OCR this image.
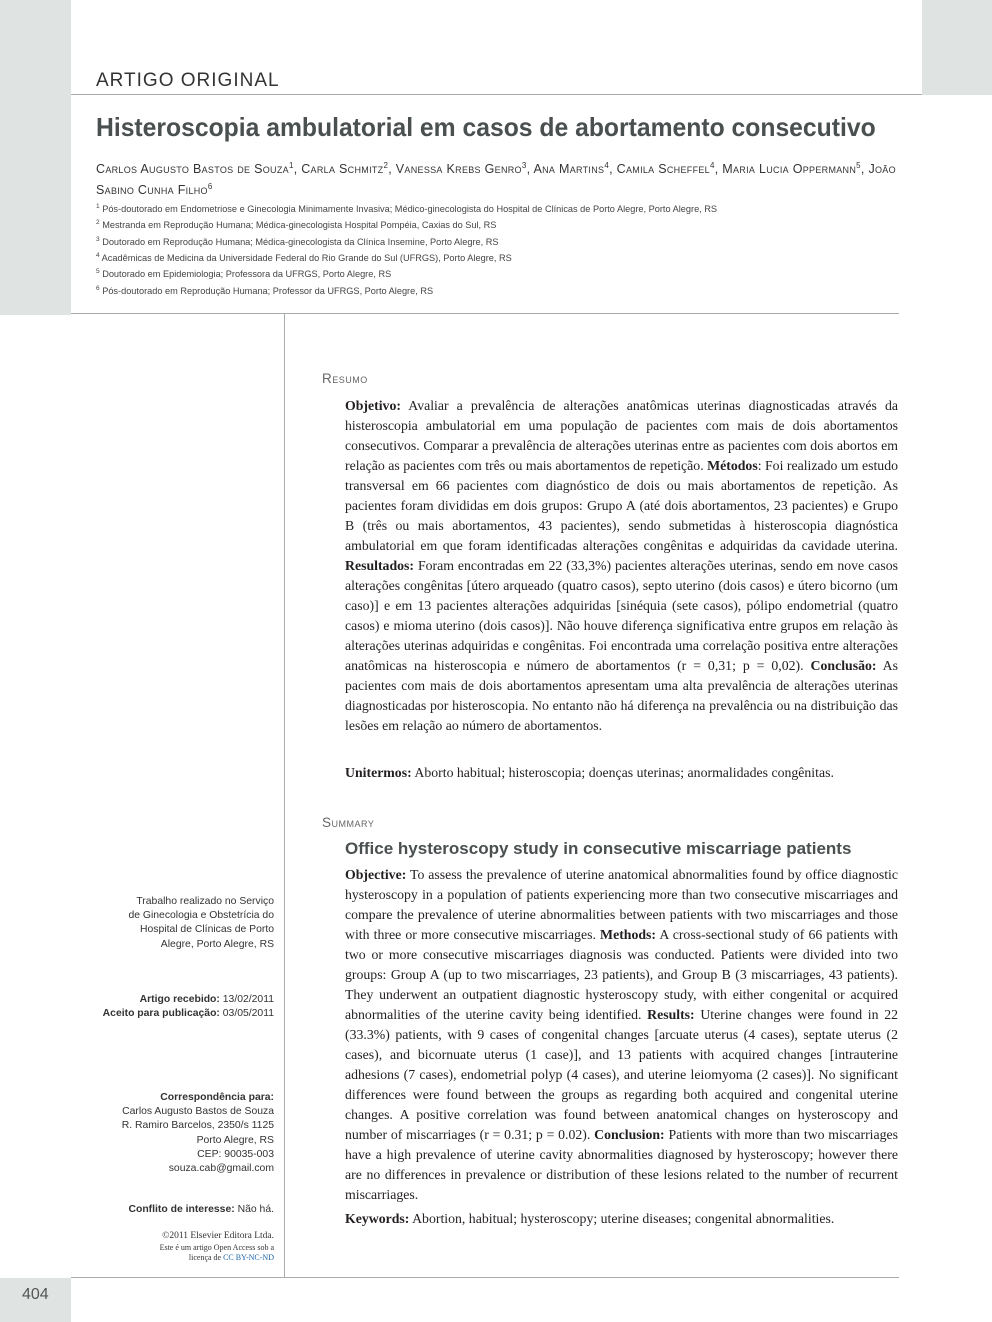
ARTIGO ORIGINAL
Histeroscopia ambulatorial em casos de abortamento consecutivo
Carlos Augusto Bastos de Souza$^1$, Carla Schmitz$^2$, Vanessa Krebs Genro$^3$, Ana Martins$^4$, Camila Scheffel$^4$, Maria Lucia Oppermann$^5$, João Sabino Cunha Filho$^6$
$^1$ Pós-doutorado em Endometriose e Ginecologia Minimamente Invasiva; Médico-ginecologista do Hospital de Clínicas de Porto Alegre, Porto Alegre, RS
$^2$ Mestranda em Reprodução Humana; Médica-ginecologista Hospital Pompéia, Caxias do Sul, RS
$^3$ Doutorado em Reprodução Humana; Médica-ginecologista da Clínica Insemine, Porto Alegre, RS
$^4$ Acadêmicas de Medicina da Universidade Federal do Rio Grande do Sul (UFRGS), Porto Alegre, RS
$^5$ Doutorado em Epidemiologia; Professora da UFRGS, Porto Alegre, RS
$^6$ Pós-doutorado em Reprodução Humana; Professor da UFRGS, Porto Alegre, RS
Trabalho realizado no Serviço
de Ginecologia e Obstetrícia do
Hospital de Clínicas de Porto
Alegre, Porto Alegre, RS
Artigo recebido: 13/02/2011
Aceito para publicação: 03/05/2011
Correspondência para:
Carlos Augusto Bastos de Souza
R. Ramiro Barcelos, 2350/s 1125
Porto Alegre, RS
CEP: 90035-003
souza.cab@gmail.com
Conflito de interesse: Não há.
©2011 Elsevier Editora Ltda.
Este é um artigo Open Access sob a
licença de CC BY-NC-ND
Resumo
Objetivo: Avaliar a prevalência de alterações anatômicas uterinas diagnosticadas através da histeroscopia ambulatorial em uma população de pacientes com mais de dois abortamentos consecutivos. Comparar a prevalência de alterações uterinas entre as pacientes com dois abortos em relação as pacientes com três ou mais abortamentos de repetição. Métodos: Foi realizado um estudo transversal em 66 pacientes com diagnóstico de dois ou mais abortamentos de repetição. As pacientes foram divididas em dois grupos: Grupo A (até dois abortamentos, 23 pacientes) e Grupo B (três ou mais abortamentos, 43 pacientes), sendo submetidas à histeroscopia diagnóstica ambulatorial em que foram identificadas alterações congênitas e adquiridas da cavidade uterina. Resultados: Foram encontradas em 22 (33,3%) pacientes alterações uterinas, sendo em nove casos alterações congênitas [útero arqueado (quatro casos), septo uterino (dois casos) e útero bicorno (um caso)] e em 13 pacientes alterações adquiridas [sinéquia (sete casos), pólipo endometrial (quatro casos) e mioma uterino (dois casos)]. Não houve diferença significativa entre grupos em relação às alterações uterinas adquiridas e congênitas. Foi encontrada uma correlação positiva entre alterações anatômicas na histeroscopia e número de abortamentos (r = 0,31; p = 0,02). Conclusão: As pacientes com mais de dois abortamentos apresentam uma alta prevalência de alterações uterinas diagnosticadas por histeroscopia. No entanto não há diferença na prevalência ou na distribuição das lesões em relação ao número de abortamentos.
Unitermos: Aborto habitual; histeroscopia; doenças uterinas; anormalidades congênitas.
Summary
Office hysteroscopy study in consecutive miscarriage patients
Objective: To assess the prevalence of uterine anatomical abnormalities found by office diagnostic hysteroscopy in a population of patients experiencing more than two consecutive miscarriages and compare the prevalence of uterine abnormalities between patients with two miscarriages and those with three or more consecutive miscarriages. Methods: A cross-sectional study of 66 patients with two or more consecutive miscarriages diagnosis was conducted. Patients were divided into two groups: Group A (up to two miscarriages, 23 patients), and Group B (3 miscarriages, 43 patients). They underwent an outpatient diagnostic hysteroscopy study, with either congenital or acquired abnormalities of the uterine cavity being identified. Results: Uterine changes were found in 22 (33.3%) patients, with 9 cases of congenital changes [arcuate uterus (4 cases), septate uterus (2 cases), and bicornuate uterus (1 case)], and 13 patients with acquired changes [intrauterine adhesions (7 cases), endometrial polyp (4 cases), and uterine leiomyoma (2 cases)]. No significant differences were found between the groups as regarding both acquired and congenital uterine changes. A positive correlation was found between anatomical changes on hysteroscopy and number of miscarriages (r = 0.31; p = 0.02). Conclusion: Patients with more than two miscarriages have a high prevalence of uterine cavity abnormalities diagnosed by hysteroscopy; however there are no differences in prevalence or distribution of these lesions related to the number of recurrent miscarriages.
Keywords: Abortion, habitual; hysteroscopy; uterine diseases; congenital abnormalities.
404
